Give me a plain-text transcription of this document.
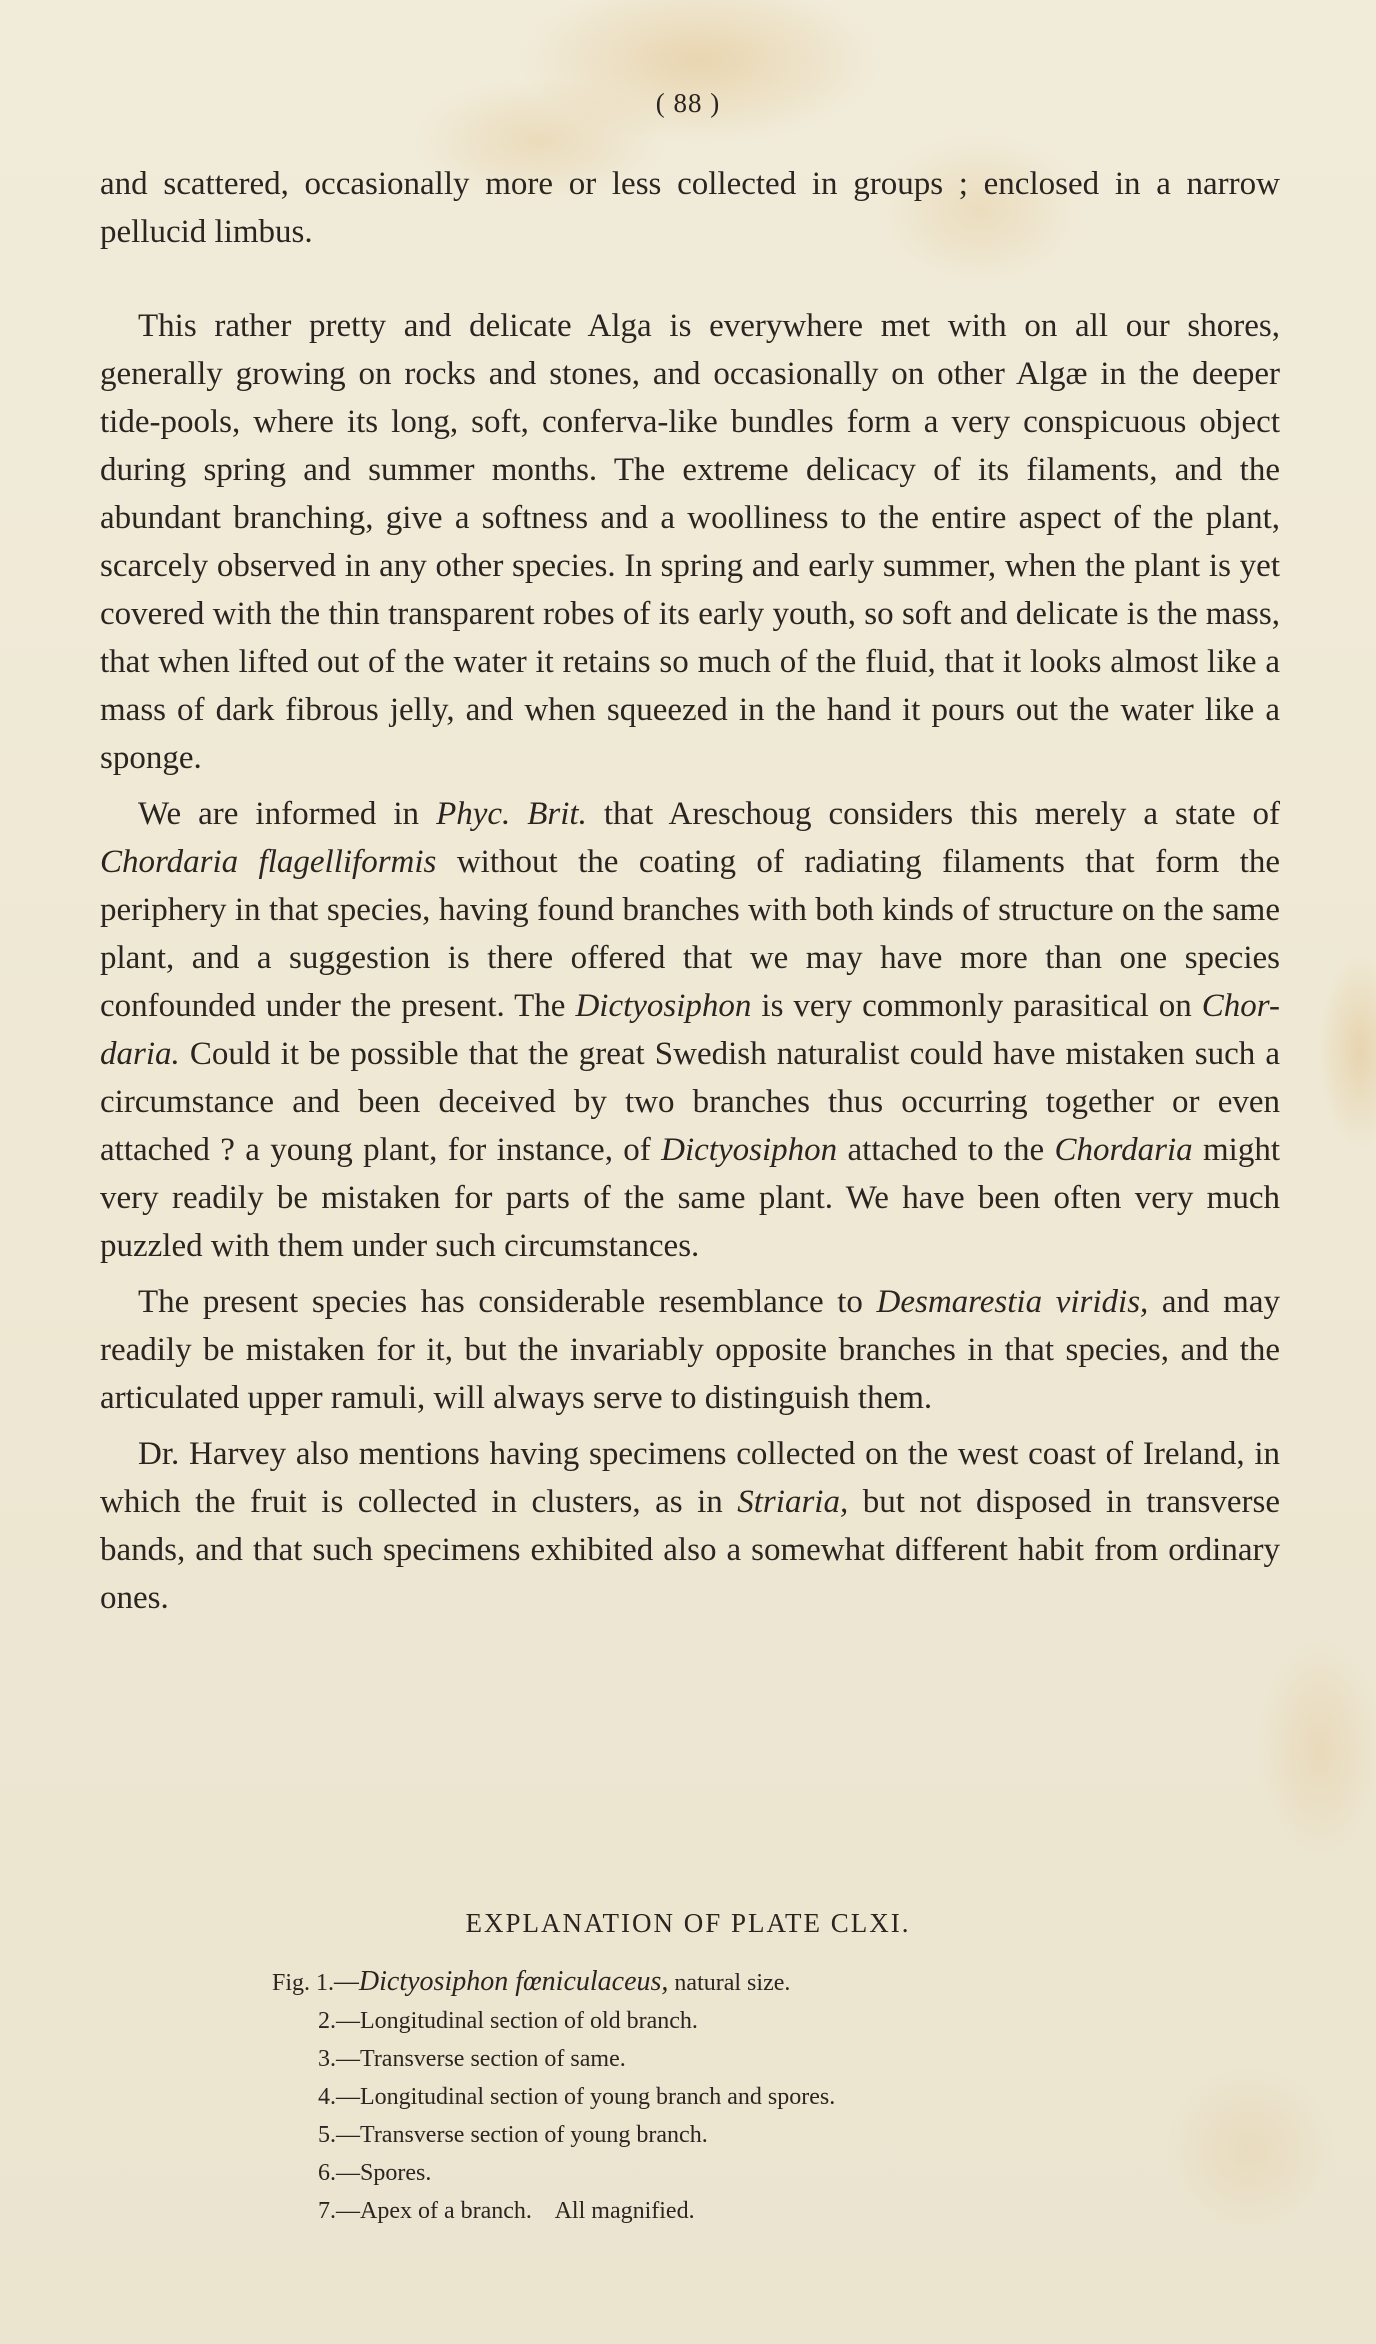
( 88 )

and scattered, occasionally more or less collected in groups ; enclosed in a narrow pellucid limbus.

This rather pretty and delicate Alga is everywhere met with on all our shores, generally growing on rocks and stones, and occasionally on other Algæ in the deeper tide-pools, where its long, soft, conferva-like bundles form a very conspicuous object during spring and summer months. The extreme delicacy of its filaments, and the abundant branching, give a softness and a woolliness to the entire aspect of the plant, scarcely observed in any other species. In spring and early summer, when the plant is yet covered with the thin transparent robes of its early youth, so soft and delicate is the mass, that when lifted out of the water it retains so much of the fluid, that it looks almost like a mass of dark fibrous jelly, and when squeezed in the hand it pours out the water like a sponge.

We are informed in Phyc. Brit. that Areschoug considers this merely a state of Chordaria flagelliformis without the coating of radiating filaments that form the periphery in that species, having found branches with both kinds of structure on the same plant, and a suggestion is there offered that we may have more than one species confounded under the present. The Dictyosiphon is very commonly parasitical on Chor-daria. Could it be possible that the great Swedish naturalist could have mistaken such a circumstance and been deceived by two branches thus occurring together or even attached ? a young plant, for instance, of Dictyosiphon attached to the Chordaria might very readily be mistaken for parts of the same plant. We have been often very much puzzled with them under such circumstances.

The present species has considerable resemblance to Desmarestia viridis, and may readily be mistaken for it, but the invariably opposite branches in that species, and the articulated upper ramuli, will always serve to distinguish them.

Dr. Harvey also mentions having specimens collected on the west coast of Ireland, in which the fruit is collected in clusters, as in Striaria, but not disposed in transverse bands, and that such specimens exhibited also a somewhat different habit from ordinary ones.

EXPLANATION OF PLATE CLXI.
Fig. 1.—Dictyosiphon fœniculaceus, natural size.
2.—Longitudinal section of old branch.
3.—Transverse section of same.
4.—Longitudinal section of young branch and spores.
5.—Transverse section of young branch.
6.—Spores.
7.—Apex of a branch.    All magnified.
